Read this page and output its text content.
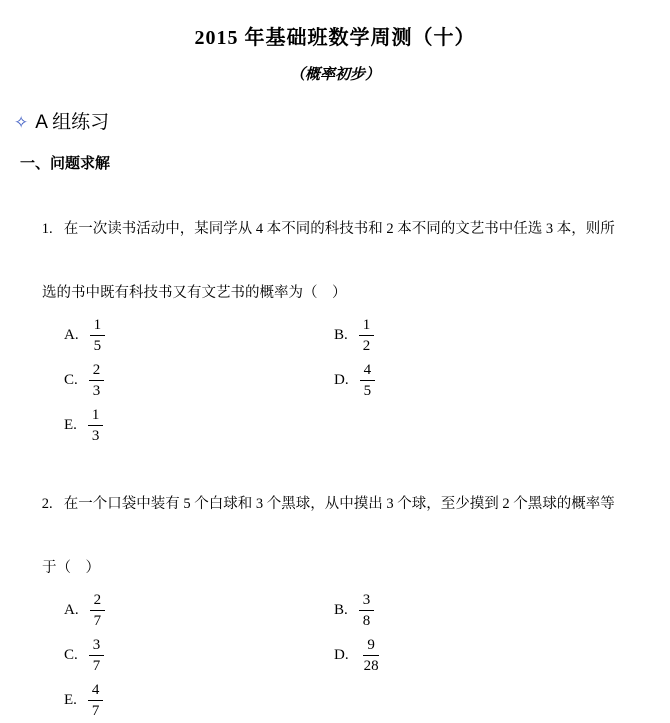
2015 年基础班数学周测（十）
（概率初步）
✧ A 组练习
一、问题求解

1. 在一次读书活动中，某同学从 4 本不同的科技书和 2 本不同的文艺书中任选 3 本，则所

选的书中既有科技书又有文艺书的概率为（　）
A. $\frac{1}{5}$	B. $\frac{1}{2}$
C. $\frac{2}{3}$	D. $\frac{4}{5}$
E. $\frac{1}{3}$

2. 在一个口袋中装有 5 个白球和 3 个黑球，从中摸出 3 个球，至少摸到 2 个黑球的概率等

于（　）
A. $\frac{2}{7}$	B. $\frac{3}{8}$
C. $\frac{3}{7}$	D. $\frac{9}{28}$
E. $\frac{4}{7}$
